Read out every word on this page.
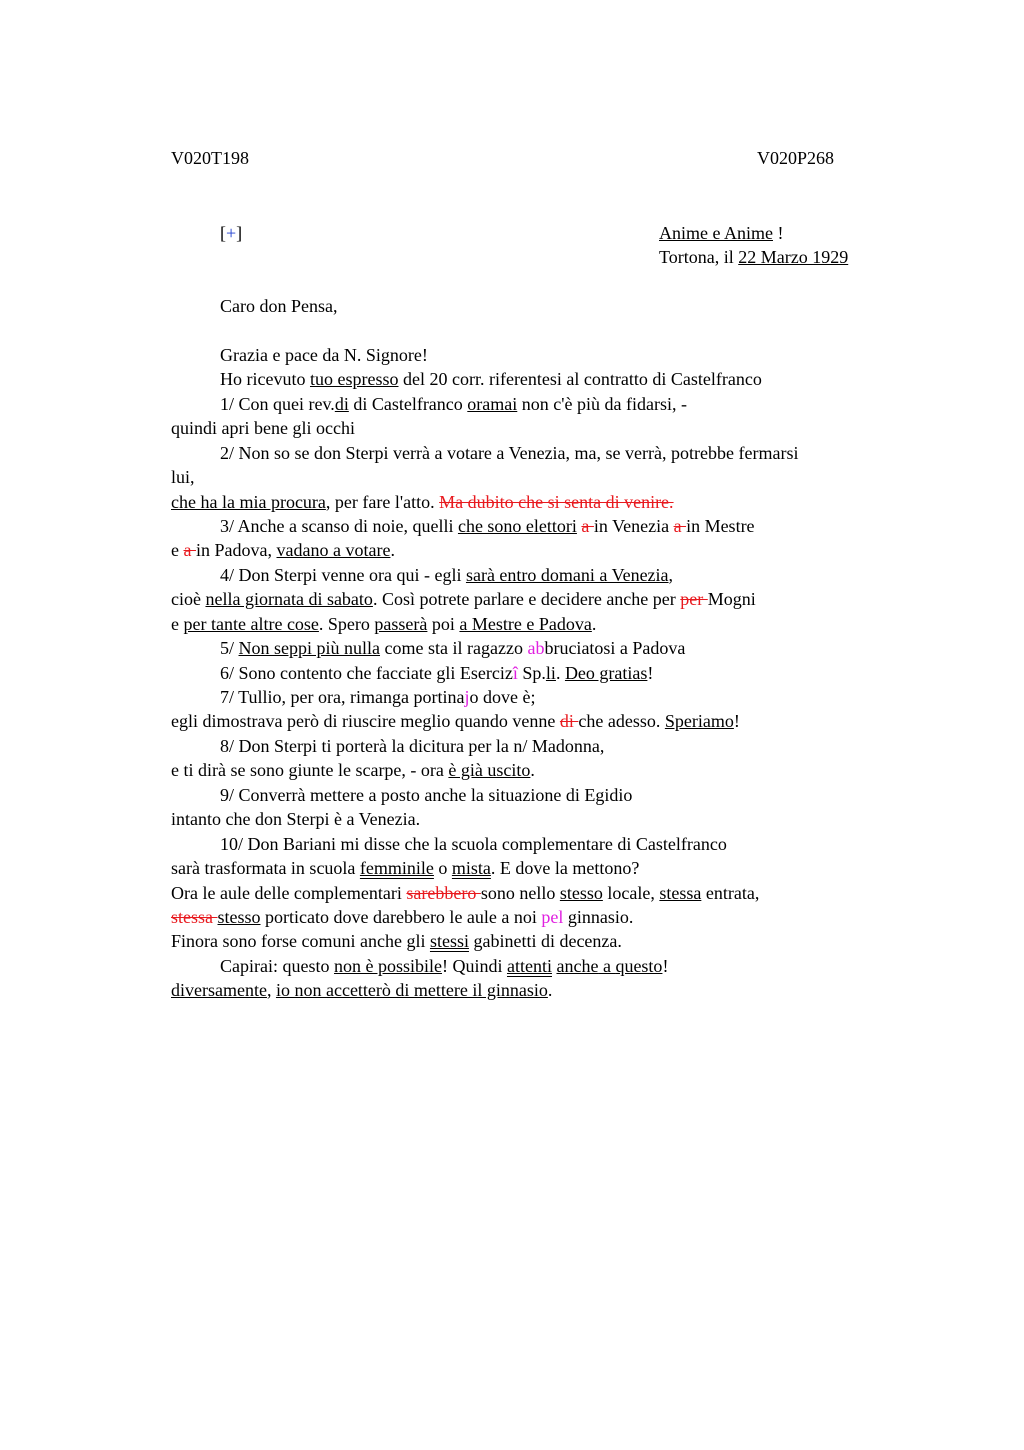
V020T198	V020P268
[+]	Anime e Anime !
Tortona, il 22 Marzo 1929
Caro don Pensa,
Grazia e pace da N. Signore!
Ho ricevuto tuo espresso del 20 corr. riferentesi al contratto di Castelfranco
1/ Con quei rev.di di Castelfranco oramai non c'è più da fidarsi, -
quindi apri bene gli occhi
2/ Non so se don Sterpi verrà a votare a Venezia, ma, se verrà, potrebbe fermarsi
lui,
che ha la mia procura, per fare l'atto. Ma dubito che si senta di venire.
3/ Anche a scanso di noie, quelli che sono elettori a in Venezia a in Mestre
e a in Padova, vadano a votare.
4/ Don Sterpi venne ora qui - egli sarà entro domani a Venezia,
cioè nella giornata di sabato. Così potrete parlare e decidere anche per per Mogni
e per tante altre cose. Spero passerà poi a Mestre e Padova.
5/ Non seppi più nulla come sta il ragazzo abbruciatosi a Padova
6/ Sono contento che facciate gli Esercizî Sp.li. Deo gratias!
7/ Tullio, per ora, rimanga portinajo dove è;
egli dimostrava però di riuscire meglio quando venne di che adesso. Speriamo!
8/ Don Sterpi ti porterà la dicitura per la n/ Madonna,
e ti dirà se sono giunte le scarpe, - ora è già uscito.
9/ Converrà mettere a posto anche la situazione di Egidio
intanto che don Sterpi è a Venezia.
10/ Don Bariani mi disse che la scuola complementare di Castelfranco
sarà trasformata in scuola femminile o mista. E dove la mettono?
Ora le aule delle complementari sarebbero sono nello stesso locale, stessa entrata,
stessa stesso porticato dove darebbero le aule a noi pel ginnasio.
Finora sono forse comuni anche gli stessi gabinetti di decenza.
Capirai: questo non è possibile! Quindi attenti anche a questo!
diversamente, io non accetterò di mettere il ginnasio.
